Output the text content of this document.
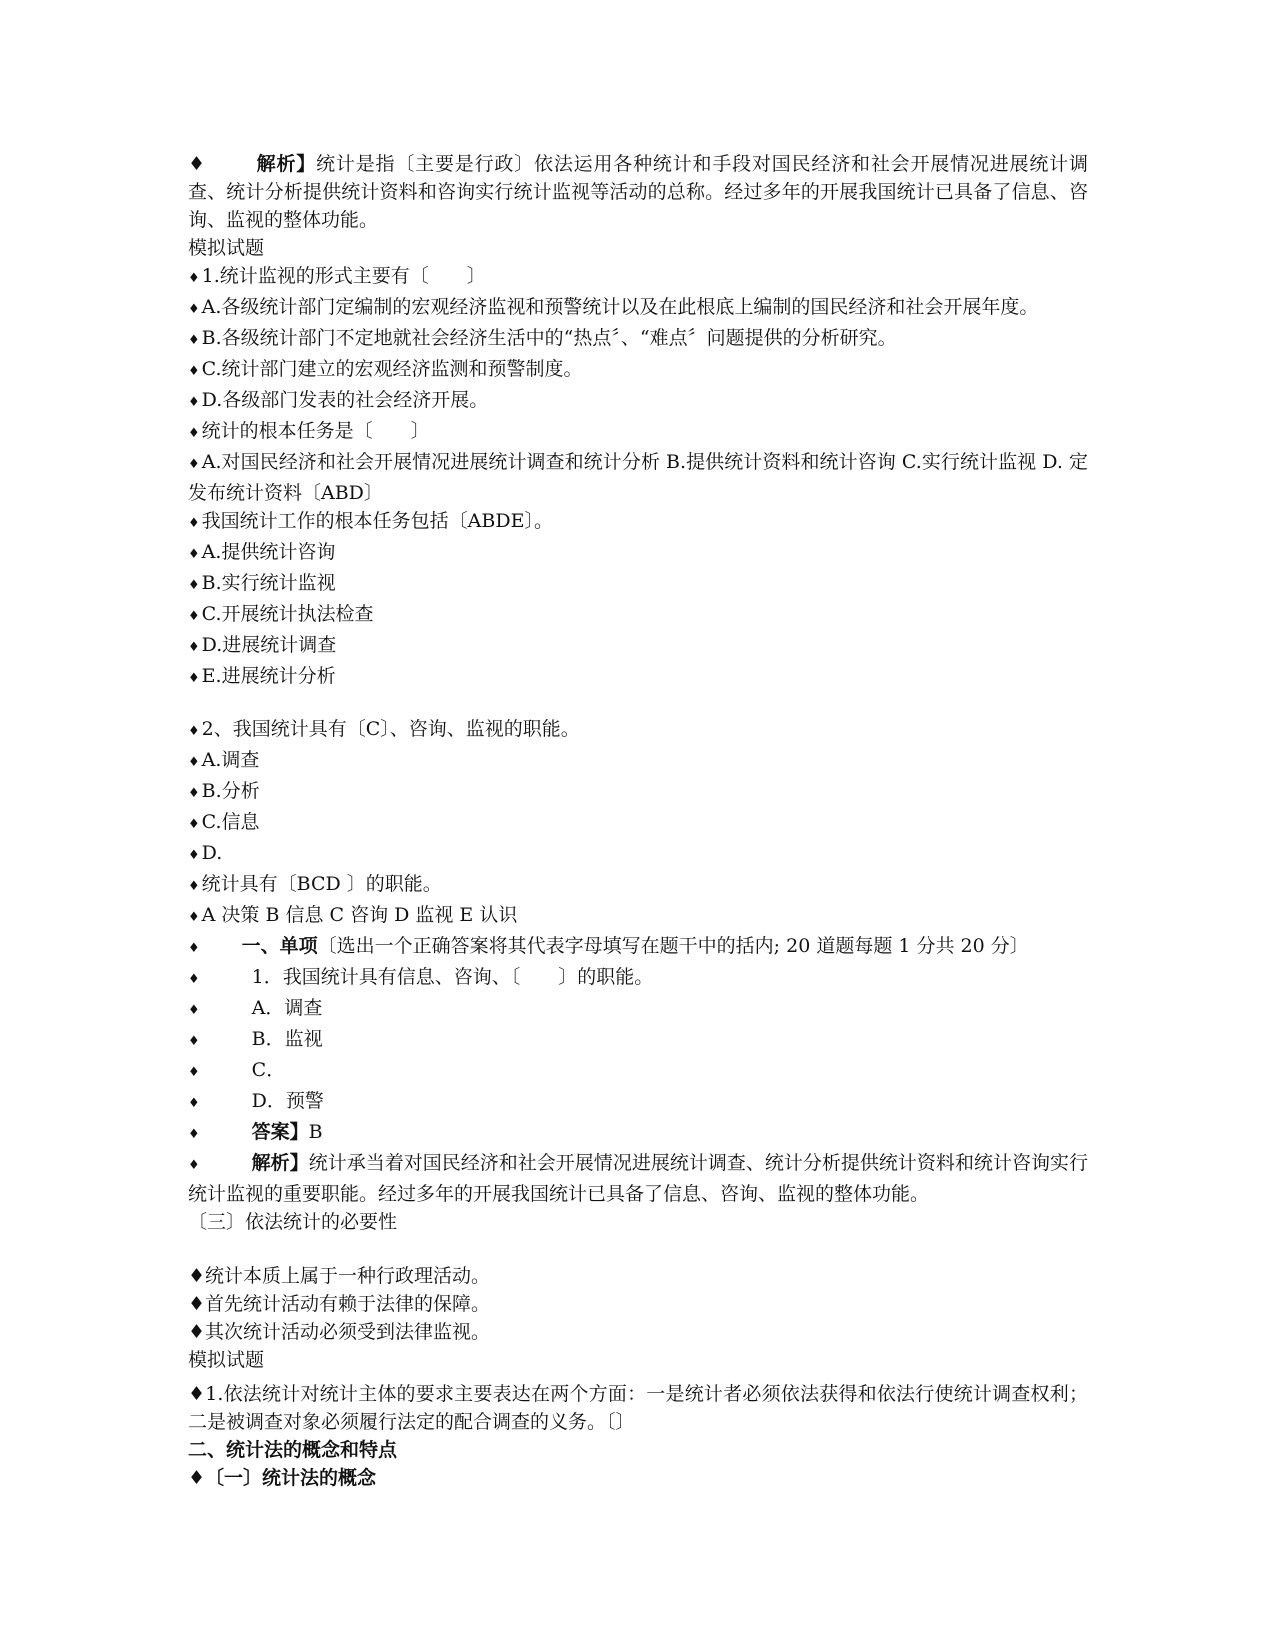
♦	解析】统计是指〔主要是行政〕依法运用各种统计和手段对国民经济和社会开展情况进展统计调查、统计分析提供统计资料和咨询实行统计监视等活动的总称。经过多年的开展我国统计已具备了信息、咨询、监视的整体功能。
模拟试题
♦ 1.统计监视的形式主要有〔　　〕
♦ A.各级统计部门定编制的宏观经济监视和预警统计以及在此根底上编制的国民经济和社会开展年度。
♦ B.各级统计部门不定地就社会经济生活中的“热点〞、“难点〞问题提供的分析研究。
♦ C.统计部门建立的宏观经济监测和预警制度。
♦ D.各级部门发表的社会经济开展。
♦ 统计的根本任务是〔　　〕
♦ A.对国民经济和社会开展情况进展统计调查和统计分析 B.提供统计资料和统计咨询 C.实行统计监视 D. 定发布统计资料〔ABD〕
♦ 我国统计工作的根本任务包括〔ABDE〕。
♦ A.提供统计咨询
♦ B.实行统计监视
♦ C.开展统计执法检查
♦ D.进展统计调查
♦ E.进展统计分析
♦ 2、我国统计具有〔C〕、咨询、监视的职能。
♦ A.调查
♦ B.分析
♦ C.信息
♦ D.
♦ 统计具有〔BCD 〕的职能。
♦ A 决策 B 信息 C 咨询 D 监视 E 认识
♦ 一、单项〔选出一个正确答案将其代表字母填写在题干中的括内; 20 道题每题 1 分共 20 分〕
♦	1．我国统计具有信息、咨询、〔　　〕的职能。
♦	A．调查
♦	B．监视
♦	C．
♦	D．预警
♦	答案】B
♦	解析】统计承当着对国民经济和社会开展情况进展统计调查、统计分析提供统计资料和统计咨询实行统计监视的重要职能。经过多年的开展我国统计已具备了信息、咨询、监视的整体功能。
〔三〕依法统计的必要性
♦统计本质上属于一种行政理活动。
♦首先统计活动有赖于法律的保障。
♦其次统计活动必须受到法律监视。
模拟试题
♦1.依法统计对统计主体的要求主要表达在两个方面：一是统计者必须依法获得和依法行使统计调查权利；二是被调查对象必须履行法定的配合调查的义务。〔〕
二、统计法的概念和特点
♦〔一〕统计法的概念
